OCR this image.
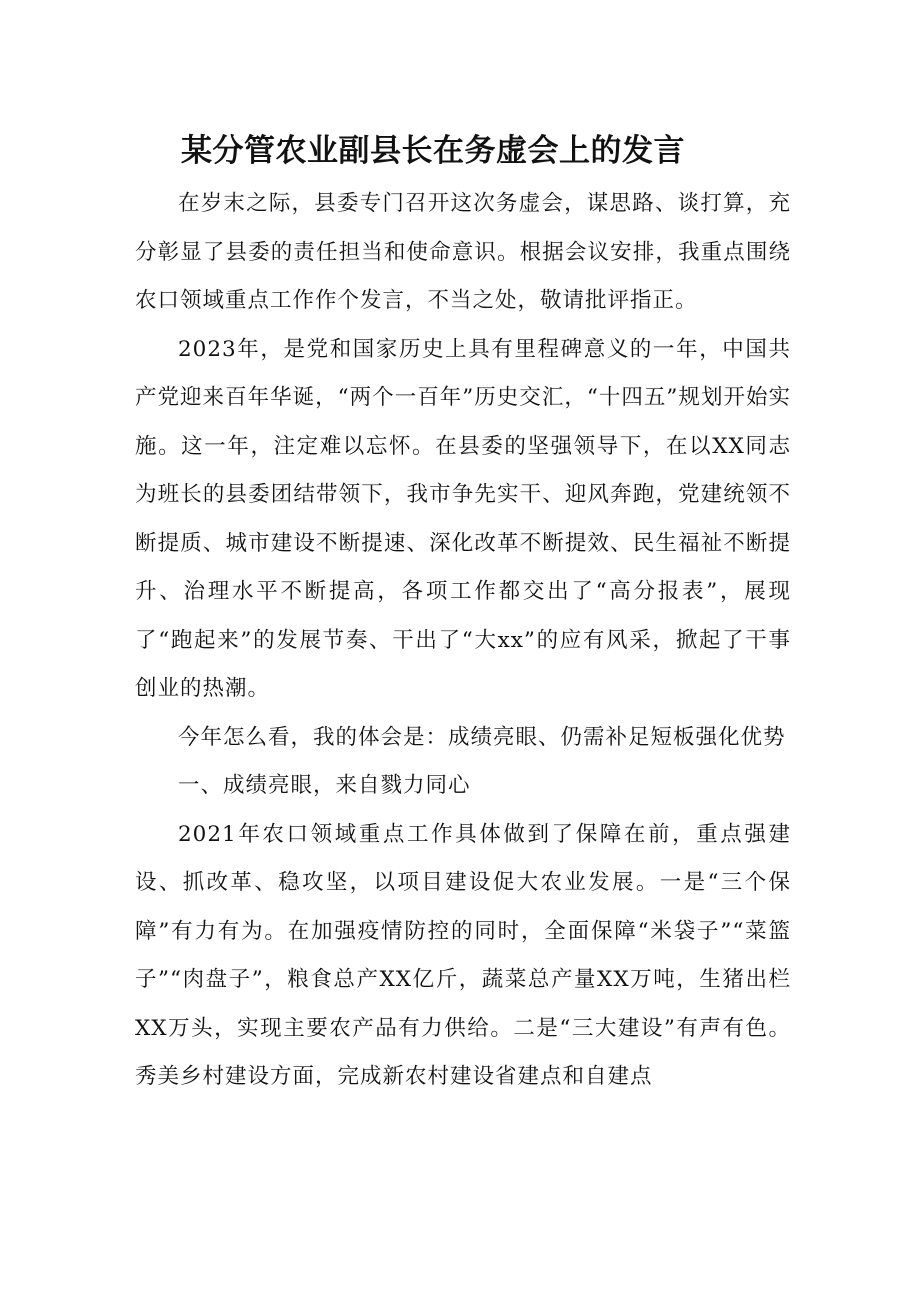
某分管农业副县长在务虚会上的发言

在岁末之际，县委专门召开这次务虚会，谋思路、谈打算，充分彰显了县委的责任担当和使命意识。根据会议安排，我重点围绕农口领域重点工作作个发言，不当之处，敬请批评指正。

2023年，是党和国家历史上具有里程碑意义的一年，中国共产党迎来百年华诞，“两个一百年”历史交汇，“十四五”规划开始实施。这一年，注定难以忘怀。在县委的坚强领导下，在以XX同志为班长的县委团结带领下，我市争先实干、迎风奔跑，党建统领不断提质、城市建设不断提速、深化改革不断提效、民生福祉不断提升、治理水平不断提高，各项工作都交出了“高分报表”，展现了“跑起来”的发展节奏、干出了“大xx”的应有风采，掀起了干事创业的热潮。

今年怎么看，我的体会是：成绩亮眼、仍需补足短板强化优势

一、成绩亮眼，来自戮力同心

2021年农口领域重点工作具体做到了保障在前，重点强建设、抓改革、稳攻坚，以项目建设促大农业发展。一是“三个保障”有力有为。在加强疫情防控的同时，全面保障“米袋子”“菜篮子”“肉盘子”，粮食总产XX亿斤，蔬菜总产量XX万吨，生猪出栏XX万头，实现主要农产品有力供给。二是“三大建设”有声有色。秀美乡村建设方面，完成新农村建设省建点和自建点
